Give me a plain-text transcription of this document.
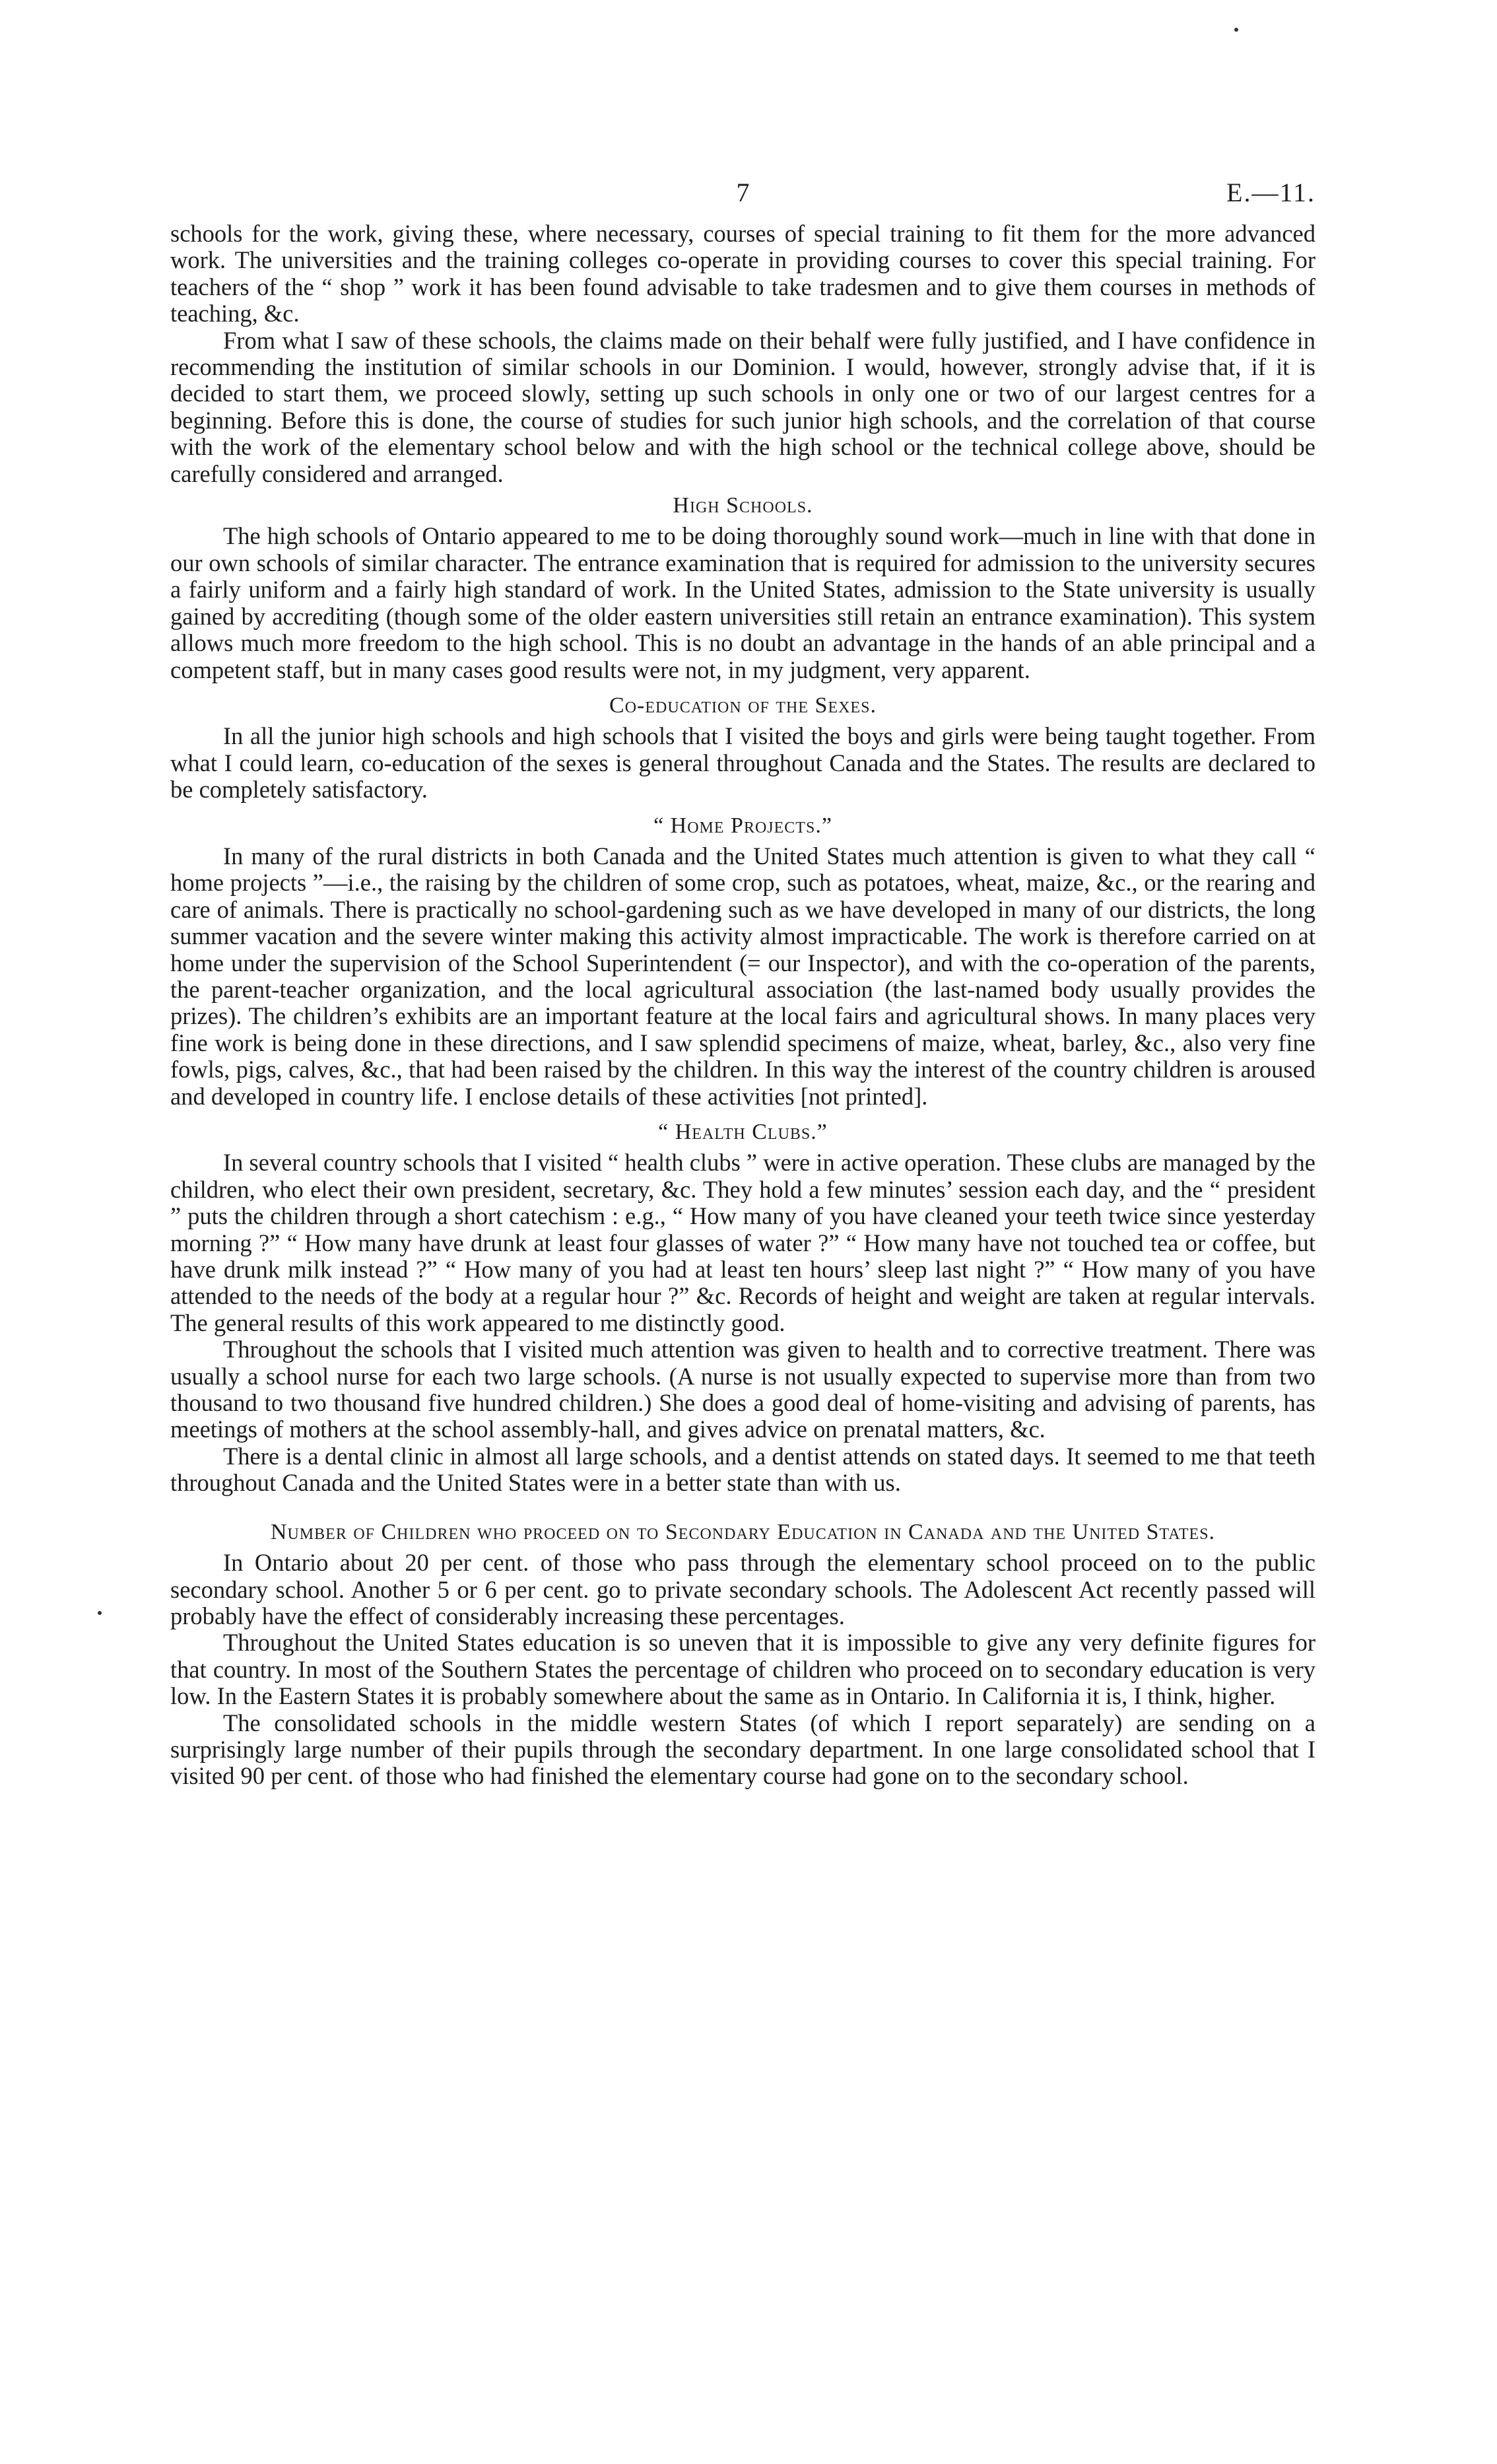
7	E.—11.

schools for the work, giving these, where necessary, courses of special training to fit them for the more advanced work. The universities and the training colleges co-operate in providing courses to cover this special training. For teachers of the “ shop ” work it has been found advisable to take tradesmen and to give them courses in methods of teaching, &c.

From what I saw of these schools, the claims made on their behalf were fully justified, and I have confidence in recommending the institution of similar schools in our Dominion. I would, however, strongly advise that, if it is decided to start them, we proceed slowly, setting up such schools in only one or two of our largest centres for a beginning. Before this is done, the course of studies for such junior high schools, and the correlation of that course with the work of the elementary school below and with the high school or the technical college above, should be carefully considered and arranged.

High Schools.

The high schools of Ontario appeared to me to be doing thoroughly sound work—much in line with that done in our own schools of similar character. The entrance examination that is required for admission to the university secures a fairly uniform and a fairly high standard of work. In the United States, admission to the State university is usually gained by accrediting (though some of the older eastern universities still retain an entrance examination). This system allows much more freedom to the high school. This is no doubt an advantage in the hands of an able principal and a competent staff, but in many cases good results were not, in my judgment, very apparent.

Co-education of the Sexes.

In all the junior high schools and high schools that I visited the boys and girls were being taught together. From what I could learn, co-education of the sexes is general throughout Canada and the States. The results are declared to be completely satisfactory.

“ Home Projects.”

In many of the rural districts in both Canada and the United States much attention is given to what they call “ home projects ”—i.e., the raising by the children of some crop, such as potatoes, wheat, maize, &c., or the rearing and care of animals. There is practically no school-gardening such as we have developed in many of our districts, the long summer vacation and the severe winter making this activity almost impracticable. The work is therefore carried on at home under the supervision of the School Superintendent (= our Inspector), and with the co-operation of the parents, the parent-teacher organization, and the local agricultural association (the last-named body usually provides the prizes). The children’s exhibits are an important feature at the local fairs and agricultural shows. In many places very fine work is being done in these directions, and I saw splendid specimens of maize, wheat, barley, &c., also very fine fowls, pigs, calves, &c., that had been raised by the children. In this way the interest of the country children is aroused and developed in country life. I enclose details of these activities [not printed].

“ Health Clubs.”

In several country schools that I visited “ health clubs ” were in active operation. These clubs are managed by the children, who elect their own president, secretary, &c. They hold a few minutes’ session each day, and the “ president ” puts the children through a short catechism : e.g., “ How many of you have cleaned your teeth twice since yesterday morning ?” “ How many have drunk at least four glasses of water ?” “ How many have not touched tea or coffee, but have drunk milk instead ?” “ How many of you had at least ten hours’ sleep last night ?” “ How many of you have attended to the needs of the body at a regular hour ?” &c. Records of height and weight are taken at regular intervals. The general results of this work appeared to me distinctly good.

Throughout the schools that I visited much attention was given to health and to corrective treatment. There was usually a school nurse for each two large schools. (A nurse is not usually expected to supervise more than from two thousand to two thousand five hundred children.) She does a good deal of home-visiting and advising of parents, has meetings of mothers at the school assembly-hall, and gives advice on prenatal matters, &c.

There is a dental clinic in almost all large schools, and a dentist attends on stated days. It seemed to me that teeth throughout Canada and the United States were in a better state than with us.

Number of Children who proceed on to Secondary Education in Canada and the United States.

In Ontario about 20 per cent. of those who pass through the elementary school proceed on to the public secondary school. Another 5 or 6 per cent. go to private secondary schools. The Adolescent Act recently passed will probably have the effect of considerably increasing these percentages.

Throughout the United States education is so uneven that it is impossible to give any very definite figures for that country. In most of the Southern States the percentage of children who proceed on to secondary education is very low. In the Eastern States it is probably somewhere about the same as in Ontario. In California it is, I think, higher.

The consolidated schools in the middle western States (of which I report separately) are sending on a surprisingly large number of their pupils through the secondary department. In one large consolidated school that I visited 90 per cent. of those who had finished the elementary course had gone on to the secondary school.
